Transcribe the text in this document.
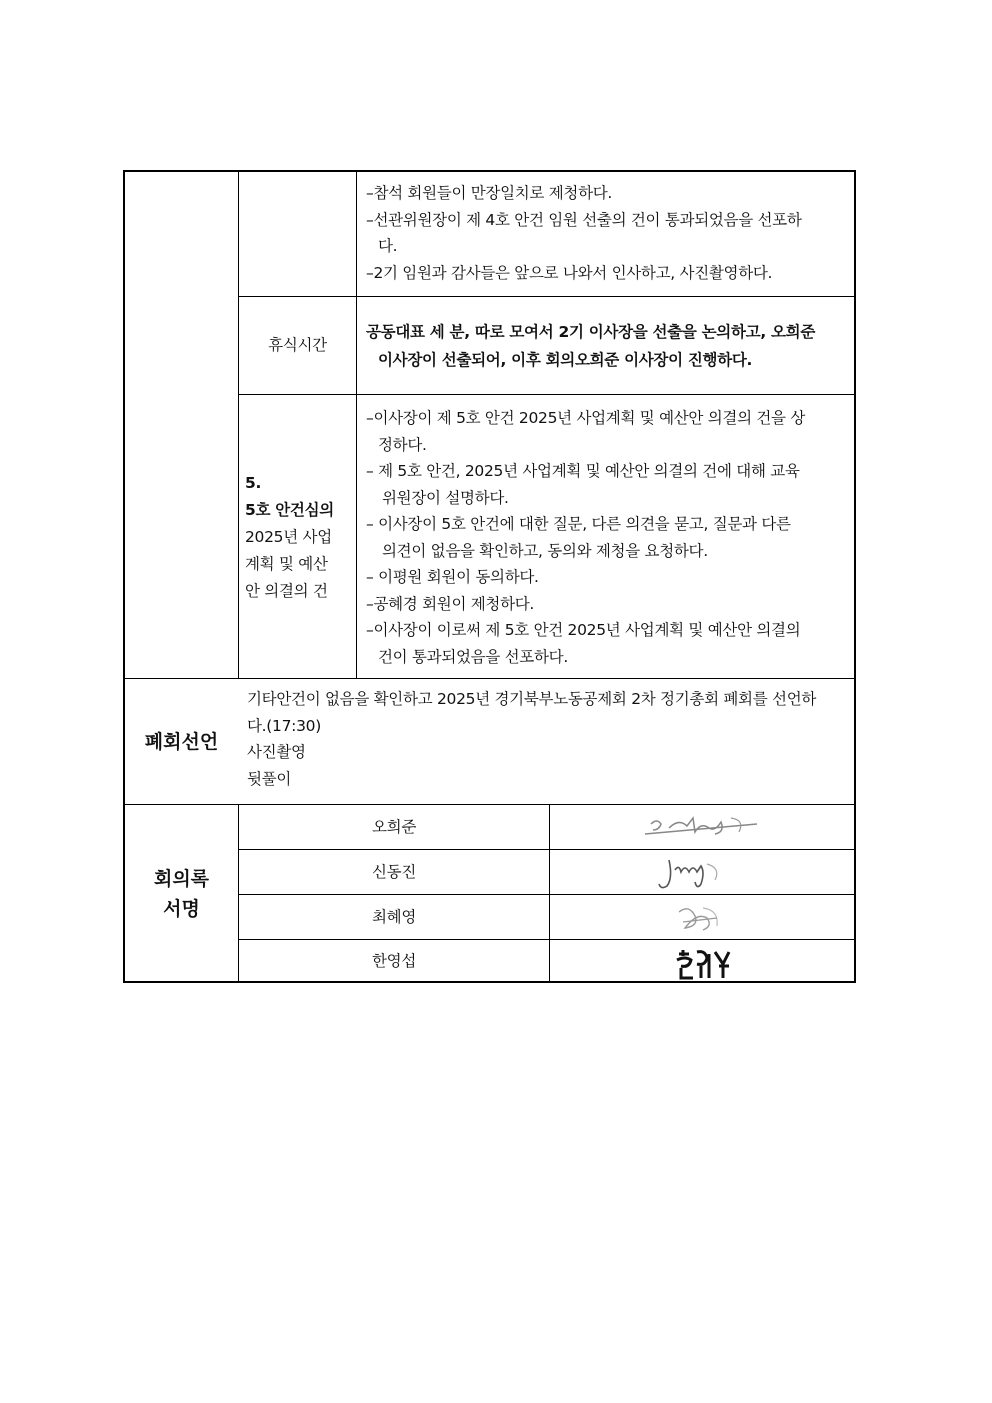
–참석 회원들이 만장일치로 제청하다.

–선관위원장이 제 4호 안건 임원 선출의 건이 통과되었음을 선포하

다.

–2기 임원과 감사들은 앞으로 나와서 인사하고, 사진촬영하다.

휴식시간

공동대표 세 분, 따로 모여서 2기 이사장을 선출을 논의하고, 오희준

이사장이 선출되어, 이후 회의오희준 이사장이 진행하다.

5.

5호 안건심의

2025년 사업

계획 및 예산

안 의결의 건

–이사장이 제 5호 안건 2025년 사업계획 및 예산안 의결의 건을 상

정하다.

– 제 5호 안건, 2025년 사업계획 및 예산안 의결의 건에 대해 교육

위원장이 설명하다.

– 이사장이 5호 안건에 대한 질문, 다른 의견을 묻고, 질문과 다른

의견이 없음을 확인하고, 동의와 제청을 요청하다.

– 이평원 회원이 동의하다.

–공혜경 회원이 제청하다.

–이사장이 이로써 제 5호 안건 2025년 사업계획 및 예산안 의결의

건이 통과되었음을 선포하다.

폐회선언

기타안건이 없음을 확인하고 2025년 경기북부노동공제회 2차 정기총회 폐회를 선언하

다.(17:30)

사진촬영

뒷풀이

회의록
서명
오희준
신동진
최혜영
한영섭
